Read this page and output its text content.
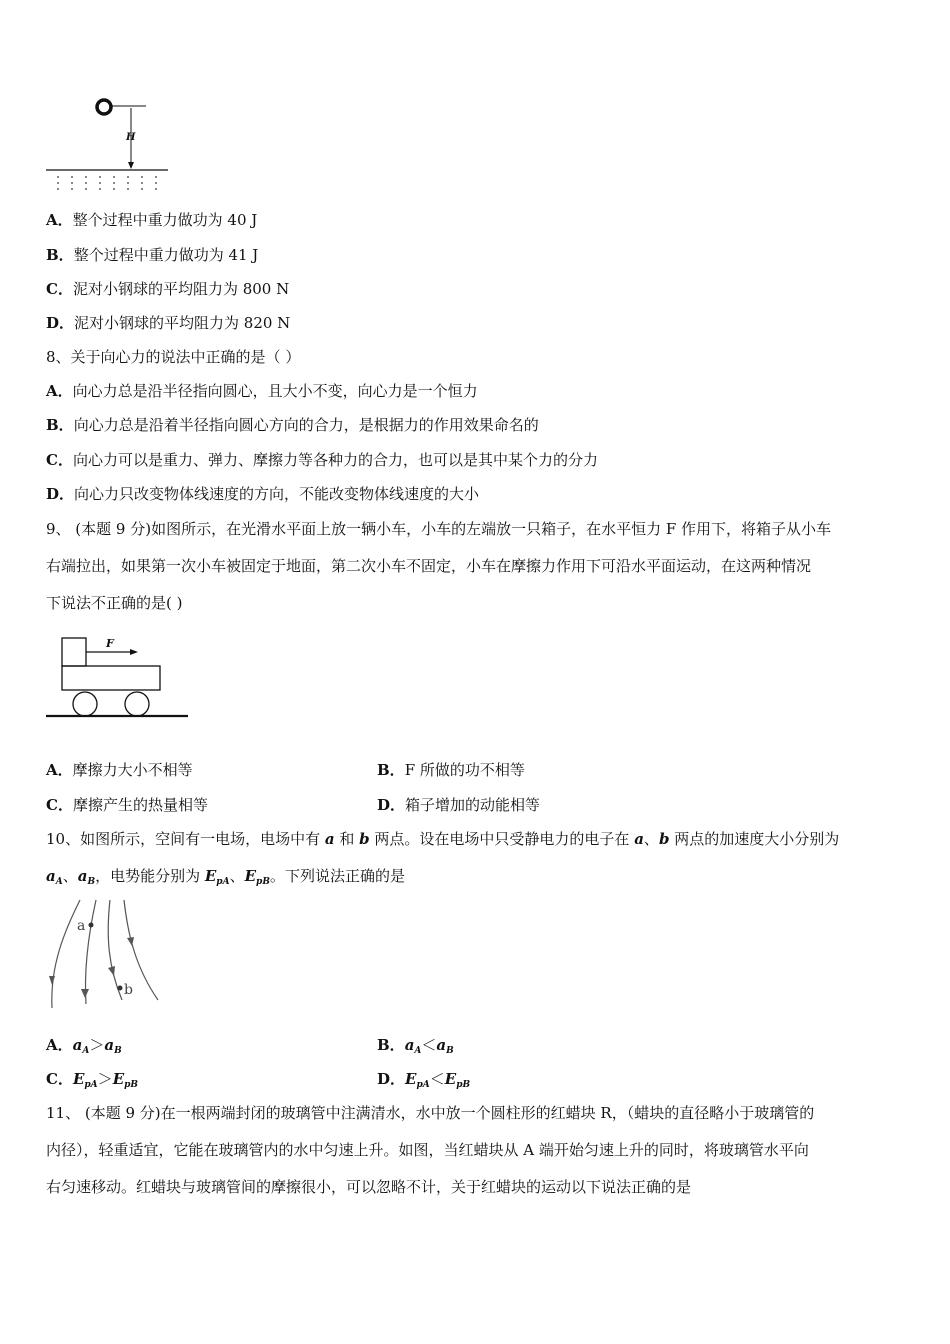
H
A．整个过程中重力做功为 40 J
B．整个过程中重力做功为 41 J
C．泥对小钢球的平均阻力为 800 N
D．泥对小钢球的平均阻力为 820 N
8、关于向心力的说法中正确的是（ ）
A．向心力总是沿半径指向圆心，且大小不变，向心力是一个恒力
B．向心力总是沿着半径指向圆心方向的合力，是根据力的作用效果命名的
C．向心力可以是重力、弹力、摩擦力等各种力的合力，也可以是其中某个力的分力
D．向心力只改变物体线速度的方向，不能改变物体线速度的大小
9、 (本题 9 分)如图所示，在光滑水平面上放一辆小车，小车的左端放一只箱子，在水平恒力 F 作用下，将箱子从小车
右端拉出，如果第一次小车被固定于地面，第二次小车不固定，小车在摩擦力作用下可沿水平面运动，在这两种情况
下说法不正确的是( )
F
A．摩擦力大小不相等	B．F 所做的功不相等
C．摩擦产生的热量相等	D．箱子增加的动能相等
10、如图所示，空间有一电场，电场中有 a 和 b 两点。设在电场中只受静电力的电子在 a、b 两点的加速度大小分别为
$a_A$、$a_B$，电势能分别为 $E_{pA}$、$E_{pB}$。下列说法正确的是
a
b
A．$a_A>a_B$	B．$a_A<a_B$
C．$E_{pA}>E_{pB}$	D．$E_{pA}<E_{pB}$
11、 (本题 9 分)在一根两端封闭的玻璃管中注满清水，水中放一个圆柱形的红蜡块 R，（蜡块的直径略小于玻璃管的
内径），轻重适宜，它能在玻璃管内的水中匀速上升。如图，当红蜡块从 A 端开始匀速上升的同时，将玻璃管水平向
右匀速移动。红蜡块与玻璃管间的摩擦很小，可以忽略不计，关于红蜡块的运动以下说法正确的是
